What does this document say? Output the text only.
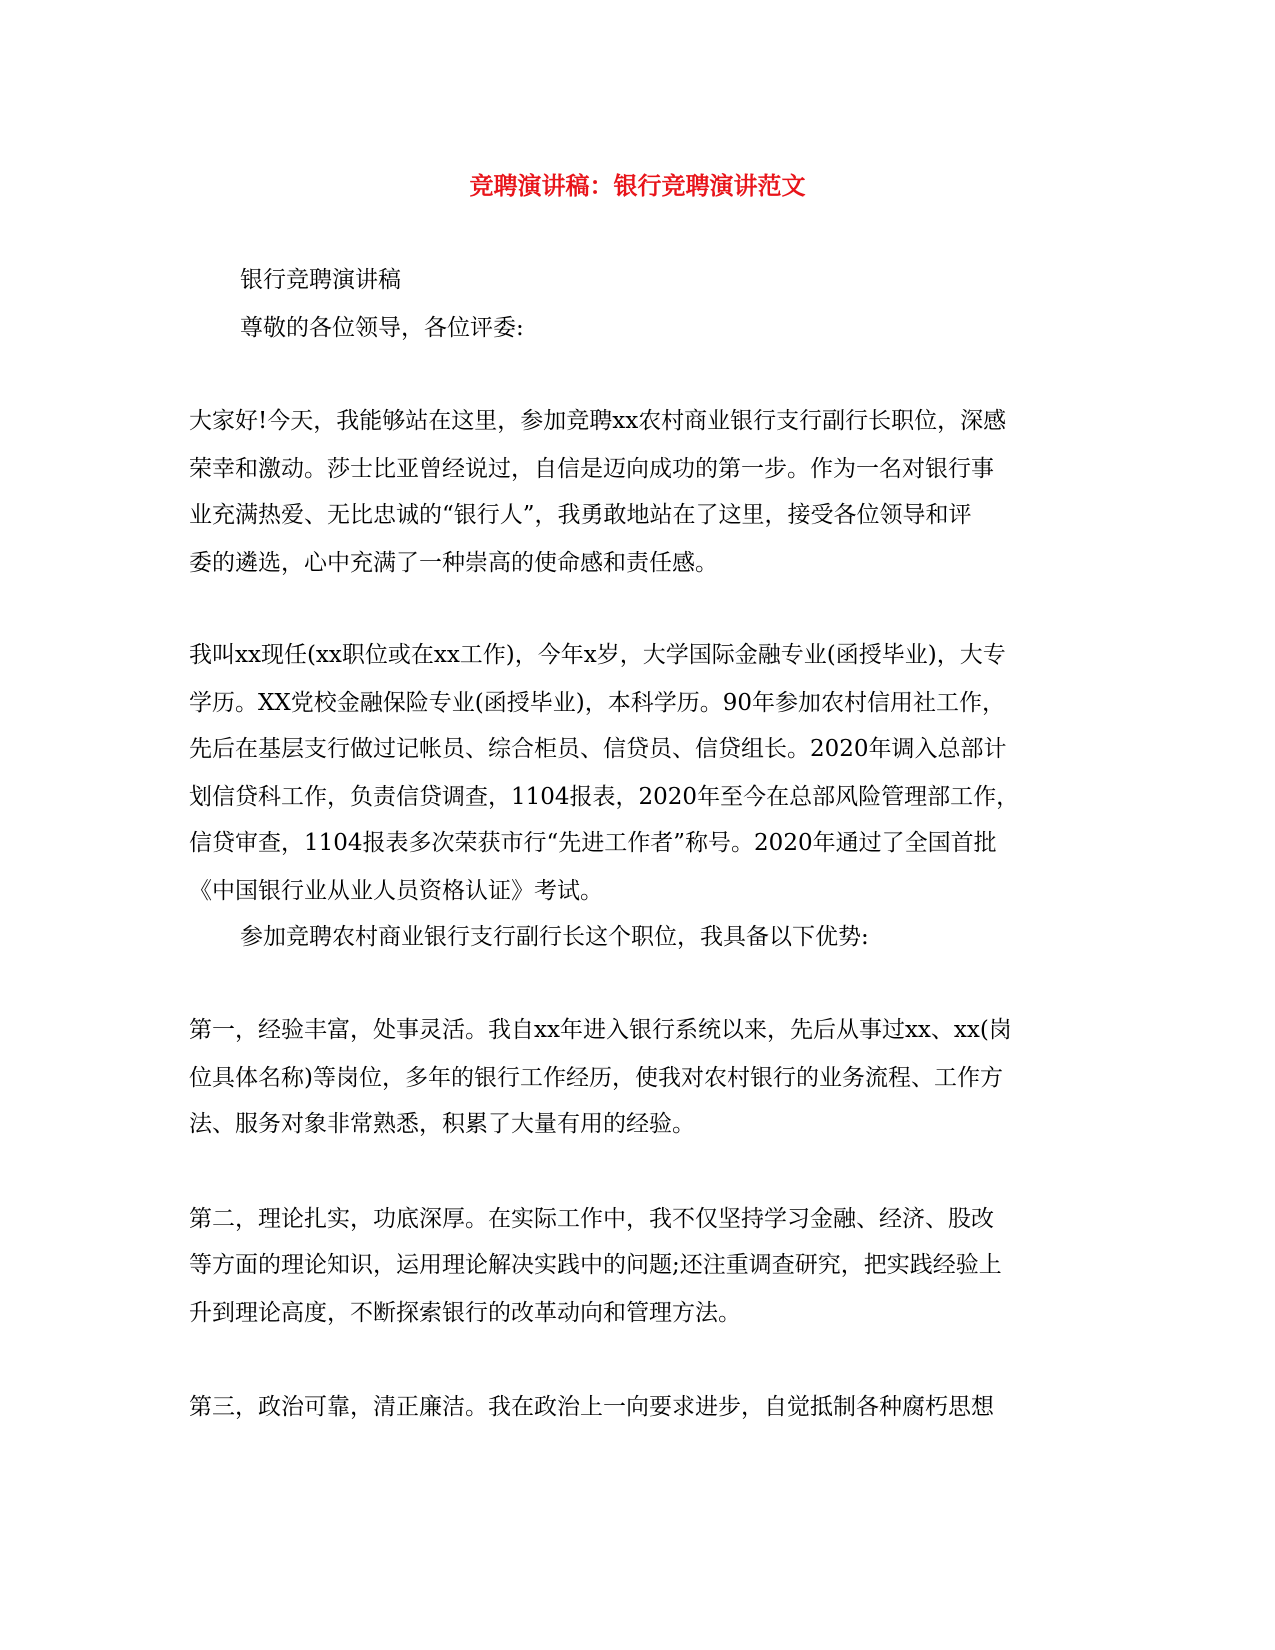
竞聘演讲稿：银行竞聘演讲范文
银行竞聘演讲稿
尊敬的各位领导，各位评委:
大家好!今天，我能够站在这里，参加竞聘xx农村商业银行支行副行长职位，深感
荣幸和激动。莎士比亚曾经说过，自信是迈向成功的第一步。作为一名对银行事
业充满热爱、无比忠诚的“银行人”，我勇敢地站在了这里，接受各位领导和评
委的遴选，心中充满了一种崇高的使命感和责任感。
我叫xx现任(xx职位或在xx工作)，今年x岁，大学国际金融专业(函授毕业)，大专
学历。XX党校金融保险专业(函授毕业)，本科学历。90年参加农村信用社工作，
先后在基层支行做过记帐员、综合柜员、信贷员、信贷组长。2020年调入总部计
划信贷科工作，负责信贷调查，1104报表，2020年至今在总部风险管理部工作，
信贷审查，1104报表多次荣获市行“先进工作者”称号。2020年通过了全国首批
《中国银行业从业人员资格认证》考试。
参加竞聘农村商业银行支行副行长这个职位，我具备以下优势:
第一，经验丰富，处事灵活。我自xx年进入银行系统以来，先后从事过xx、xx(岗
位具体名称)等岗位，多年的银行工作经历，使我对农村银行的业务流程、工作方
法、服务对象非常熟悉，积累了大量有用的经验。
第二，理论扎实，功底深厚。在实际工作中，我不仅坚持学习金融、经济、股改
等方面的理论知识，运用理论解决实践中的问题;还注重调查研究，把实践经验上
升到理论高度，不断探索银行的改革动向和管理方法。
第三，政治可靠，清正廉洁。我在政治上一向要求进步，自觉抵制各种腐朽思想
